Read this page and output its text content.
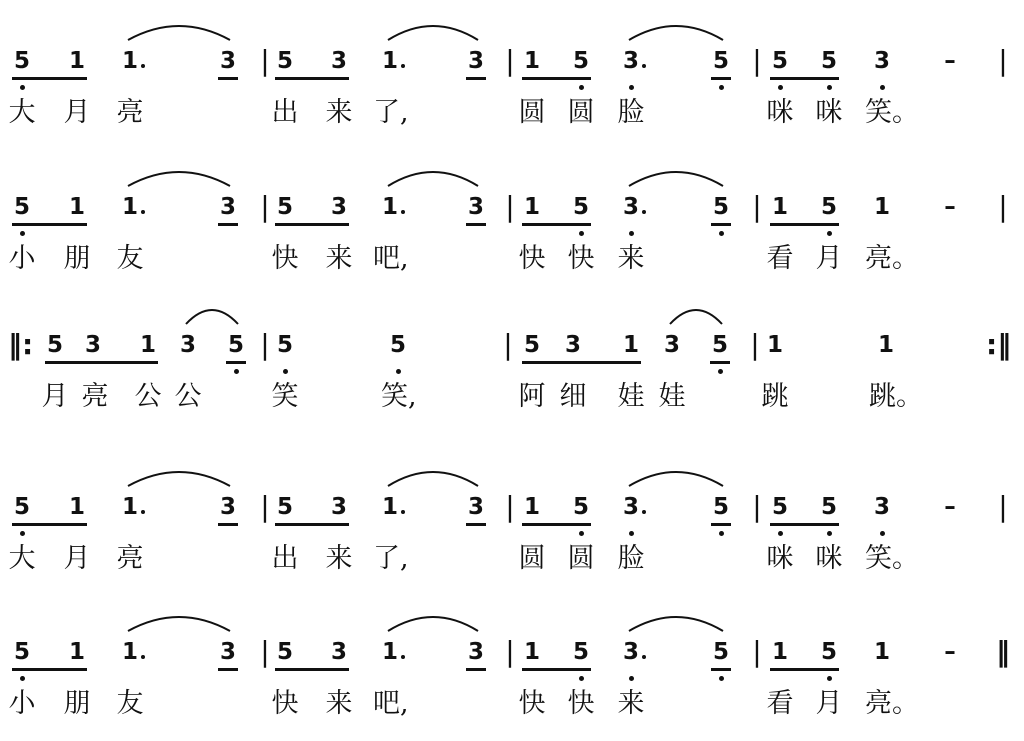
5 1 1	3 | 5 3 1	3 | 1 5 3	5 | 5 5 3 – |
大 月 亮	出 来 了,	圆 圆 脸	咪 咪 笑。
5 1 1	3 | 5 3 1	3 | 1 5 3	5 | 1 5 1 – |
小 朋 友	快 来 吧,	快 快 来	看 月 亮。
‖: 5 3 1 3 5 | 5	5	| 5 3 1 3 5 | 1	1	:‖
月 亮 公 公	笑	笑,	阿 细 娃 娃	跳	跳。
5 1 1	3 | 5 3 1	3 | 1 5 3	5 | 5 5 3 – |
大 月 亮	出 来 了,	圆 圆 脸	咪 咪 笑。
5 1 1	3 | 5 3 1	3 | 1 5 3	5 | 1 5 1 – ‖
小 朋 友	快 来 吧,	快 快 来	看 月 亮。
